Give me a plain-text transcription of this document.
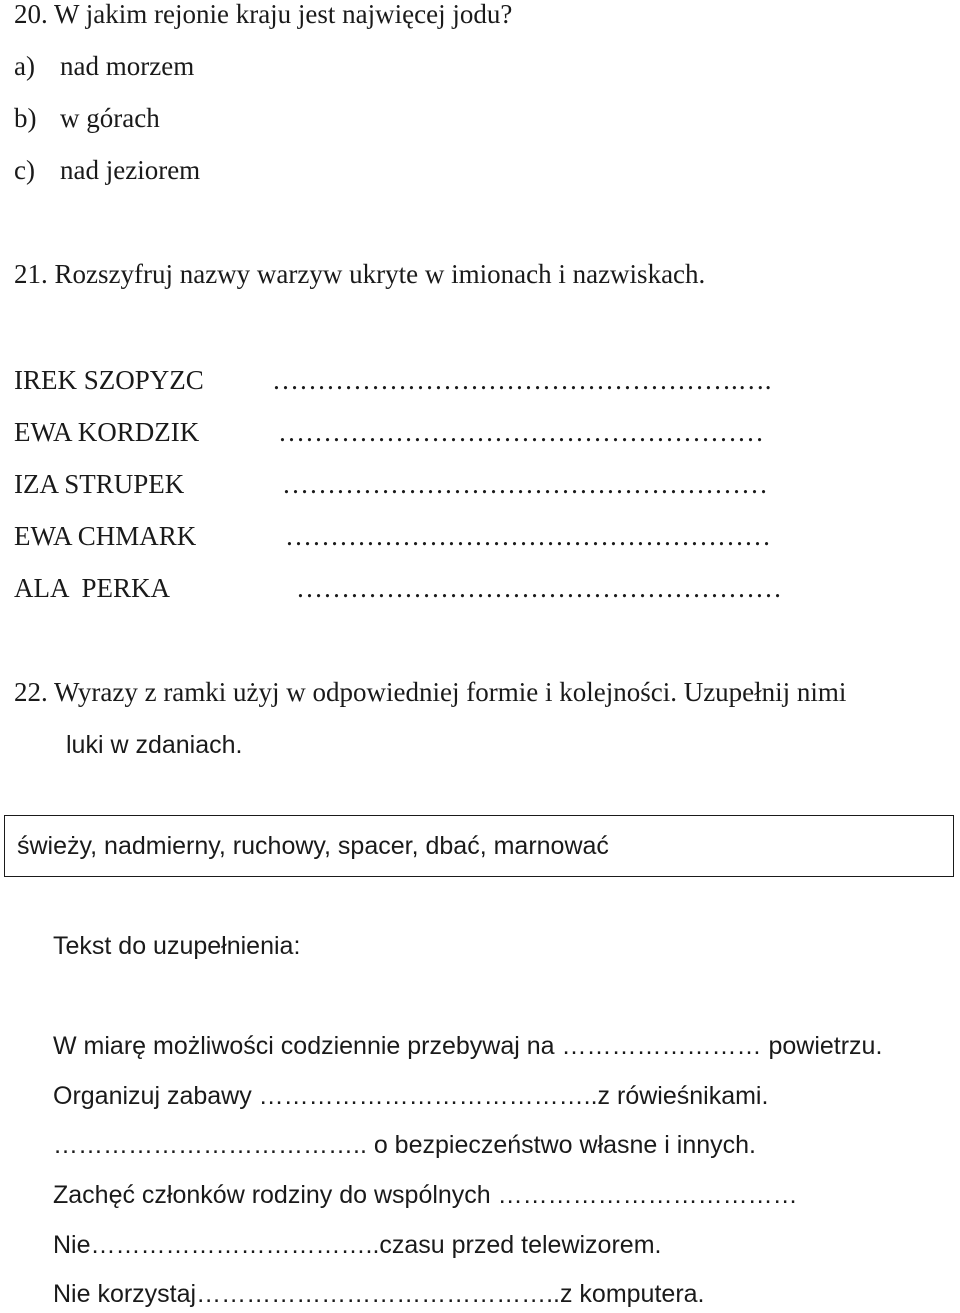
20. W jakim rejonie kraju jest najwięcej jodu?
a) nad morzem
b) w górach
c) nad jeziorem
21. Rozszyfruj nazwy warzyw ukryte w imionach i nazwiskach.
IREK SZOPYZC	…………………………………………….….
EWA KORDZIK	………………………………………………
IZA STRUPEK	………………………………………………
EWA CHMARK	………………………………………………
ALA  PERKA	………………………………………………
22. Wyrazy z ramki użyj w odpowiedniej formie i kolejności. Uzupełnij nimi
luki w zdaniach.
świeży, nadmierny, ruchowy, spacer, dbać, marnować
Tekst do uzupełnienia:
W miarę możliwości codziennie przebywaj na …………………… powietrzu.
Organizuj zabawy …………………………………..z rówieśnikami.
……………………………….. o bezpieczeństwo własne i innych.
Zachęć członków rodziny do wspólnych ………………………………
Nie……………………………..czasu przed telewizorem.
Nie korzystaj……………………………………..z komputera.
